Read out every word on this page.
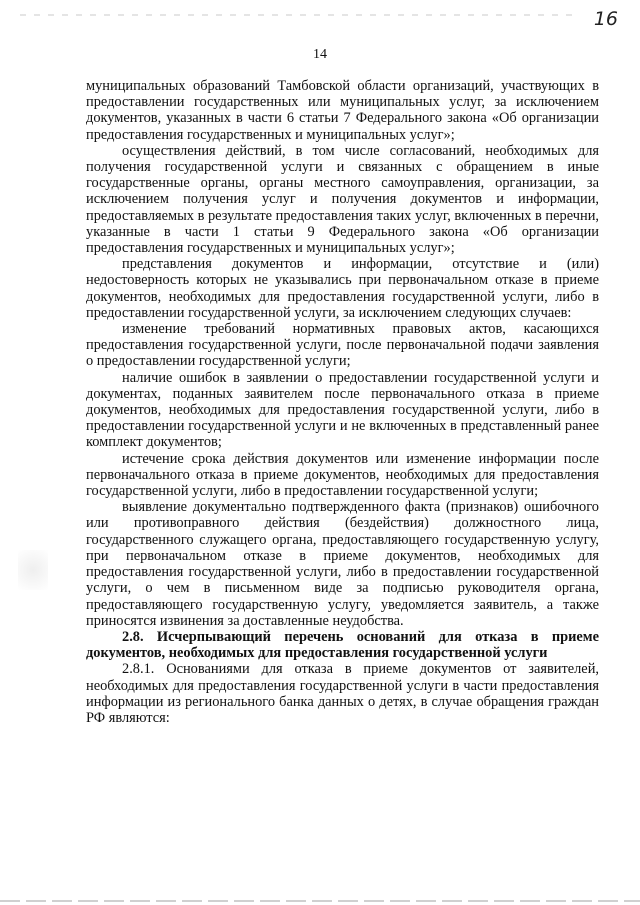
16
14

муниципальных образований Тамбовской области организаций, участвующих в предоставлении государственных или муниципальных услуг, за исключением документов, указанных в части 6 статьи 7 Федерального закона «Об организации предоставления государственных и муниципальных услуг»;

осуществления действий, в том числе согласований, необходимых для получения государственной услуги и связанных с обращением в иные государственные органы, органы местного самоуправления, организации, за исключением получения услуг и получения документов и информации, предоставляемых в результате предоставления таких услуг, включенных в перечни, указанные в части 1 статьи 9 Федерального закона «Об организации предоставления государственных и муниципальных услуг»;

представления документов и информации, отсутствие и (или) недостоверность которых не указывались при первоначальном отказе в приеме документов, необходимых для предоставления государственной услуги, либо в предоставлении государственной услуги, за исключением следующих случаев:

изменение требований нормативных правовых актов, касающихся предоставления государственной услуги, после первоначальной подачи заявления о предоставлении государственной услуги;

наличие ошибок в заявлении о предоставлении государственной услуги и документах, поданных заявителем после первоначального отказа в приеме документов, необходимых для предоставления государственной услуги, либо в предоставлении государственной услуги и не включенных в представленный ранее комплект документов;

истечение срока действия документов или изменение информации после первоначального отказа в приеме документов, необходимых для предоставления государственной услуги, либо в предоставлении государственной услуги;

выявление документально подтвержденного факта (признаков) ошибочного или противоправного действия (бездействия) должностного лица, государственного служащего органа, предоставляющего государственную услугу, при первоначальном отказе в приеме документов, необходимых для предоставления государственной услуги, либо в предоставлении государственной услуги, о чем в письменном виде за подписью руководителя органа, предоставляющего государственную услугу, уведомляется заявитель, а также приносятся извинения за доставленные неудобства.

2.8. Исчерпывающий перечень оснований для отказа в приеме документов, необходимых для предоставления государственной услуги

2.8.1. Основаниями для отказа в приеме документов от заявителей, необходимых для предоставления государственной услуги в части предоставления информации из регионального банка данных о детях, в случае обращения граждан РФ являются:
